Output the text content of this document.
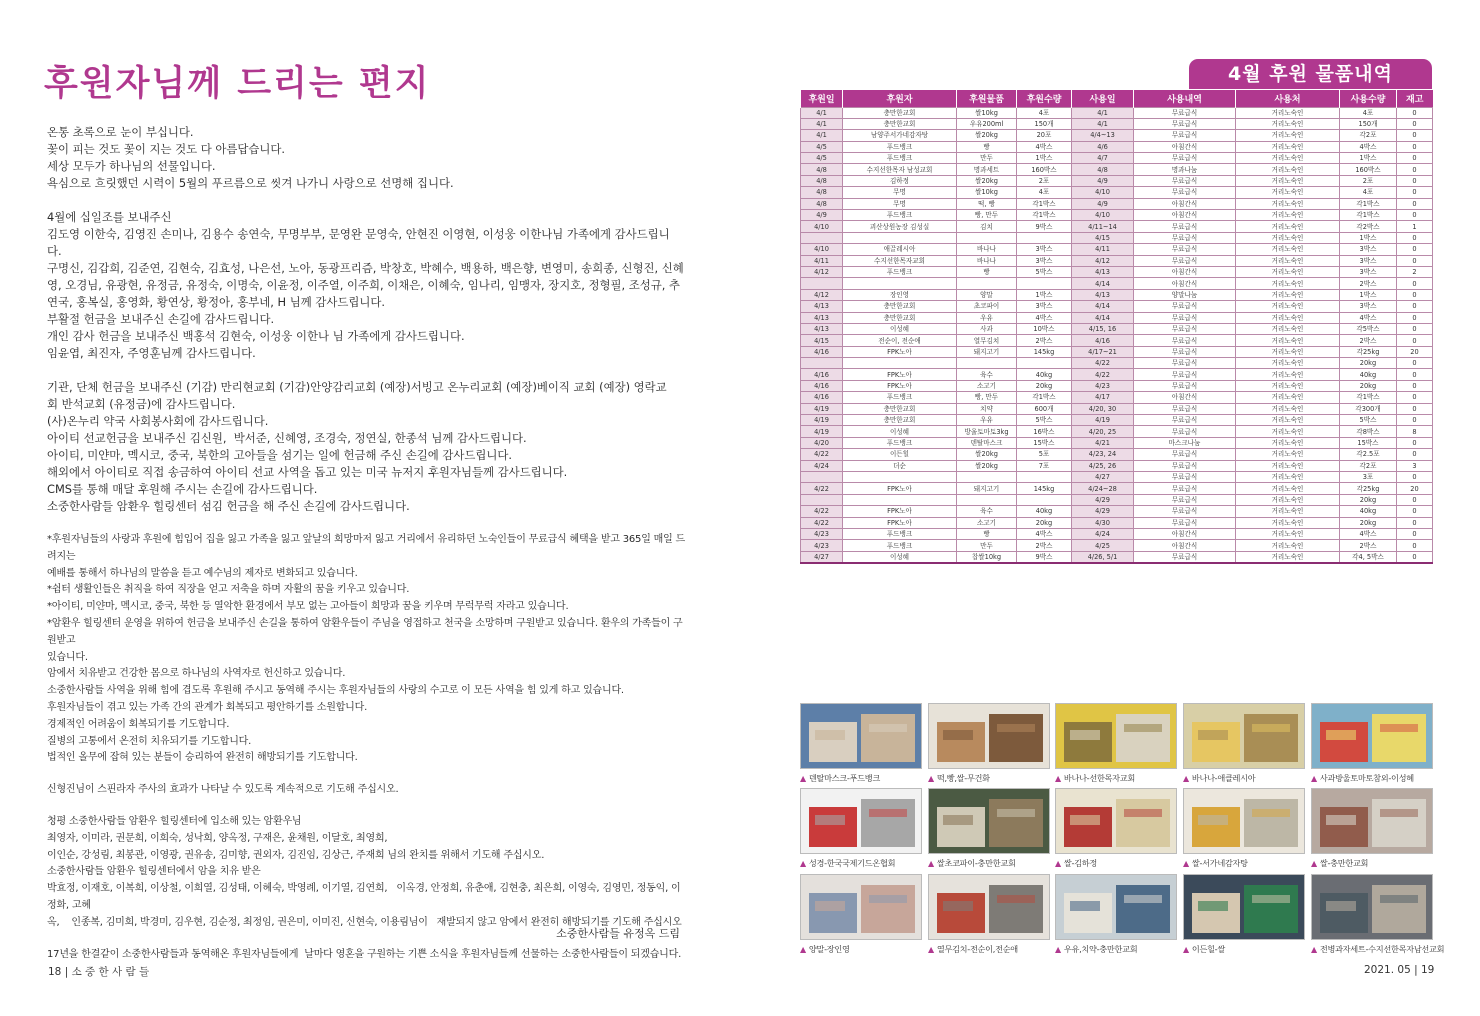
후원자님께 드리는 편지

온통 초록으로 눈이 부십니다.
꽃이 피는 것도 꽃이 지는 것도 다 아름답습니다.
세상 모두가 하나님의 선물입니다.
욕심으로 흐릿했던 시력이 5월의 푸르름으로 씻겨 나가니 사랑으로 선명해 집니다.

4월에 십일조를 보내주신
김도영 이한숙, 김영진 손미나, 김용수 송연숙, 무명부부, 문영완 문영숙, 안현진 이영현, 이성웅 이한나님 가족에게 감사드립니
다.
구명신, 김갑희, 김준연, 김현숙, 김효성, 나은선, 노아, 동광프리즘, 박창호, 박혜수, 백용하, 백은향, 변영미, 송희종, 신형진, 신혜
영, 오경님, 유광현, 유정금, 유정숙, 이명숙, 이윤정, 이주열, 이주희, 이채은, 이혜숙, 임나리, 임맹자, 장지호, 정형필, 조성규, 추
연국, 홍복실, 홍영화, 황연상, 황정아, 홍부네, H 님께 감사드립니다.
부활절 헌금을 보내주신 손길에 감사드립니다.
개인 감사 헌금을 보내주신 백홍석 김현숙, 이성웅 이한나 님 가족에게 감사드립니다.
임윤엽, 최진자, 주영훈님께 감사드립니다.

기관, 단체 헌금을 보내주신 (기감) 만리현교회 (기감)안양감리교회 (예장)서빙고 온누리교회 (예장)베이직 교회 (예장) 영락교
회 반석교회 (유정금)에 감사드립니다.
(사)온누리 약국 사회봉사회에 감사드립니다.
아이티 선교헌금을 보내주신 김신원,  박서준, 신혜영, 조경숙, 정연실, 한종석 님께 감사드립니다.
아이티, 미얀마, 멕시코, 중국, 북한의 고아들을 섬기는 일에 헌금해 주신 손길에 감사드립니다.
해외에서 아이티로 직접 송금하여 아이티 선교 사역을 돕고 있는 미국 뉴저지 후원자님들께 감사드립니다.
CMS를 통해 매달 후원해 주시는 손길에 감사드립니다.
소중한사람들 암환우 힐링센터 섬김 헌금을 해 주신 손길에 감사드립니다.

*후원자님들의 사랑과 후원에 힘입어 집을 잃고 가족을 잃고 앞날의 희망마저 잃고 거리에서 유리하던 노숙인들이 무료급식 혜택을 받고 365일 매일 드려지는
예배를 통해서 하나님의 말씀을 듣고 예수님의 제자로 변화되고 있습니다.
*쉼터 생활인들은 취직을 하여 직장을 얻고 저축을 하며 자활의 꿈을 키우고 있습니다.
*아이티, 미얀마, 멕시코, 중국, 북한 등 열악한 환경에서 부모 없는 고아들이 희망과 꿈을 키우며 무럭무럭 자라고 있습니다.
*암환우 힐링센터 운영을 위하여 헌금을 보내주신 손길을 통하여 암환우들이 주님을 영접하고 천국을 소망하며 구원받고 있습니다. 환우의 가족들이 구원받고
있습니다.
암에서 치유받고 건강한 몸으로 하나님의 사역자로 헌신하고 있습니다.
소중한사람들 사역을 위해 힘에 겹도록 후원해 주시고 동역해 주시는 후원자님들의 사랑의 수고로 이 모든 사역을 힘 있게 하고 있습니다.
후원자님들이 겪고 있는 가족 간의 관계가 회복되고 평안하기를 소원합니다.
경제적인 어려움이 회복되기를 기도합니다.
질병의 고통에서 온전히 치유되기를 기도합니다.
법적인 올무에 잡혀 있는 분들이 승리하여 완전히 해방되기를 기도합니다.

신형진님이 스핀라자 주사의 효과가 나타날 수 있도록 계속적으로 기도해 주십시오.

청평 소중한사람들 암환우 힐링센터에 입소해 있는 암환우님
최영자, 이미라, 권문희, 이희숙, 성낙희, 양옥정, 구재은, 윤채원, 이달호, 최영희,
이인순, 강성림, 최봉관, 이영광, 권유송, 김미향, 권외자, 김진임, 김상근, 주재희 님의 완치를 위해서 기도해 주십시오.
소중한사람들 암환우 힐링센터에서 암을 치유 받은
박효정, 이재호, 이복희, 이상철, 이희열, 김성태, 이혜숙, 박영례, 이기열, 김연희,   이옥경, 안정희, 유춘애, 김현충, 최은희, 이영숙, 김영민, 정동익, 이정화, 고혜
옥,    인종복, 김미희, 박경미, 김우현, 김순정, 최정임, 권은미, 이미진, 신현숙, 이용림님이   재발되지 않고 암에서 완전히 해방되기를 기도해 주십시오

17년을 한결같이 소중한사람들과 동역해온 후원자님들에게  날마다 영혼을 구원하는 기쁜 소식을 후원자님들께 선물하는 소중한사람들이 되겠습니다.

소중한사람들 유정옥 드림
4월 후원 물품내역
후원일	후원자	후원물품	후원수량	사용일	사용내역	사용처	사용수량	재고
4/1	충만한교회	쌀10kg	4포	4/1	무료급식	거리노숙인	4포	0
4/1	충만한교회	우유200ml	150개	4/1	무료급식	거리노숙인	150개	0
4/1	남양주서가네감자탕	쌀20kg	20포	4/4~13	무료급식	거리노숙인	각2포	0
4/5	푸드뱅크	빵	4박스	4/6	아침간식	거리노숙인	4박스	0
4/5	푸드뱅크	만두	1박스	4/7	무료급식	거리노숙인	1박스	0
4/8	수지선한목자 남성교회	명과세트	160박스	4/8	명과나눔	거리노숙인	160박스	0
4/8	김하정	쌀20kg	2포	4/9	무료급식	거리노숙인	2포	0
4/8	무명	쌀10kg	4포	4/10	무료급식	거리노숙인	4포	0
4/8	무명	떡, 빵	각1박스	4/9	아침간식	거리노숙인	각1박스	0
4/9	푸드뱅크	빵, 만두	각1박스	4/10	아침간식	거리노숙인	각1박스	0
4/10	괴산상원농장 김성실	김치	9박스	4/11~14	무료급식	거리노숙인	각2박스	1
				4/15	무료급식	거리노숙인	1박스	0
4/10	애끌레시아	바나나	3박스	4/11	무료급식	거리노숙인	3박스	0
4/11	수지선한목자교회	바나나	3박스	4/12	무료급식	거리노숙인	3박스	0
4/12	푸드뱅크	빵	5박스	4/13	아침간식	거리노숙인	3박스	2
				4/14	아침간식	거리노숙인	2박스	0
4/12	장인영	양말	1박스	4/13	양말나눔	거리노숙인	1박스	0
4/13	충만한교회	초코파이	3박스	4/14	무료급식	거리노숙인	3박스	0
4/13	충만한교회	우유	4박스	4/14	무료급식	거리노숙인	4박스	0
4/13	이성혜	사과	10박스	4/15, 16	무료급식	거리노숙인	각5박스	0
4/15	전순이, 전순애	열무김치	2박스	4/16	무료급식	거리노숙인	2박스	0
4/16	FPK노아	돼지고기	145kg	4/17~21	무료급식	거리노숙인	각25kg	20
				4/22	무료급식	거리노숙인	20kg	0
4/16	FPK노아	육수	40kg	4/22	무료급식	거리노숙인	40kg	0
4/16	FPK노아	소고기	20kg	4/23	무료급식	거리노숙인	20kg	0
4/16	푸드뱅크	빵, 만두	각1박스	4/17	아침간식	거리노숙인	각1박스	0
4/19	충만한교회	치약	600개	4/20, 30	무료급식	거리노숙인	각300개	0
4/19	충만한교회	우유	5박스	4/19	무료급식	거리노숙인	5박스	0
4/19	이성혜	방울토마토3kg	16박스	4/20, 25	무료급식	거리노숙인	각8박스	8
4/20	푸드뱅크	덴탈마스크	15박스	4/21	마스크나눔	거리노숙인	15박스	0
4/22	이든힐	쌀20kg	5포	4/23, 24	무료급식	거리노숙인	각2.5포	0
4/24	더순	쌀20kg	7포	4/25, 26	무료급식	거리노숙인	각2포	3
				4/27	무료급식	거리노숙인	3포	0
4/22	FPK노아	돼지고기	145kg	4/24~28	무료급식	거리노숙인	각25kg	20
				4/29	무료급식	거리노숙인	20kg	0
4/22	FPK노아	육수	40kg	4/29	무료급식	거리노숙인	40kg	0
4/22	FPK노아	소고기	20kg	4/30	무료급식	거리노숙인	20kg	0
4/23	푸드뱅크	빵	4박스	4/24	아침간식	거리노숙인	4박스	0
4/23	푸드뱅크	만두	2박스	4/25	아침간식	거리노숙인	2박스	0
4/27	이성혜	찹쌀10kg	9박스	4/26, 5/1	무료급식	거리노숙인	각4, 5박스	0
▲ 덴탈마스크-푸드뱅크	▲ 떡,빵,쌀-무건화	▲ 바나나-선한목자교회	▲ 바나나-애클레시아	▲ 사과방울토마토참외-이성혜
▲ 성경-한국국제기드온협회	▲ 쌀초코파이-충만한교회	▲ 쌀-김하정	▲ 쌀-서가네감자탕	▲ 쌀-충만한교회
▲ 양말-장인영	▲ 열무김치-전순이,전순애	▲ 우유,치약-충만한교회	▲ 이든힐-쌀	▲ 전병과자세트-수지선한목자남선교회
18 | 소 중 한 사 람 들	2021. 05 | 19
